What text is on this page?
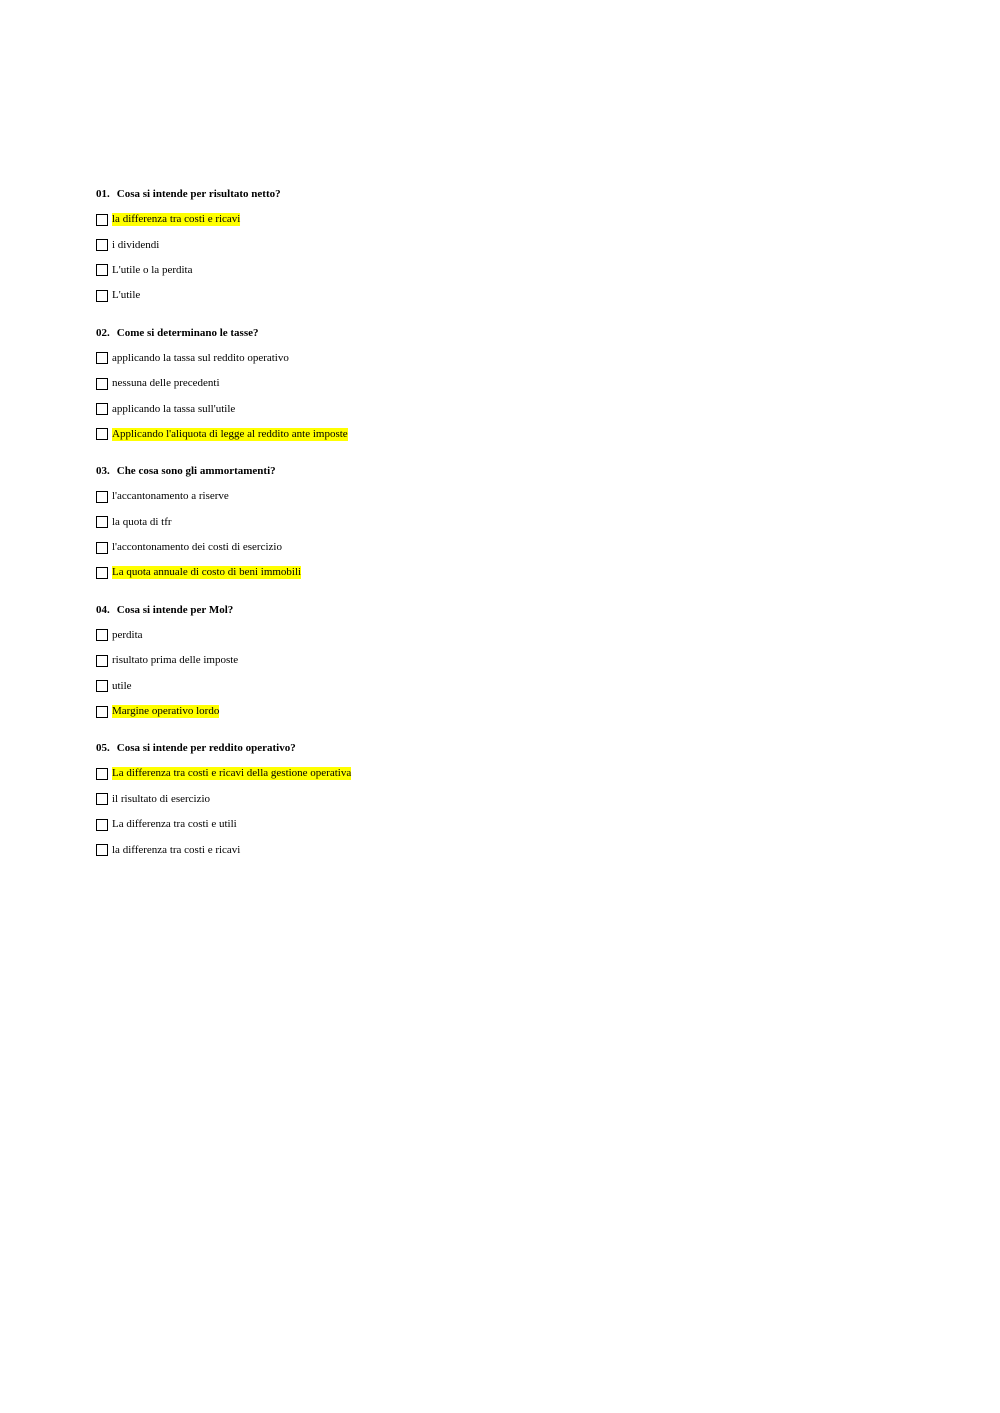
01. Cosa si intende per risultato netto?
la differenza tra costi e ricavi
i dividendi
L'utile o la perdita
L'utile
02. Come si determinano le tasse?
applicando la tassa sul reddito operativo
nessuna delle precedenti
applicando la tassa sull'utile
Applicando l'aliquota di legge al reddito ante imposte
03. Che cosa sono gli ammortamenti?
l'accantonamento a riserve
la quota di tfr
l'accontonamento dei costi di esercizio
La quota annuale di costo di beni immobili
04. Cosa si intende per Mol?
perdita
risultato prima delle imposte
utile
Margine operativo lordo
05. Cosa si intende per reddito operativo?
La differenza tra costi e ricavi della gestione operativa
il risultato di esercizio
La differenza tra costi e utili
la differenza tra costi e ricavi
